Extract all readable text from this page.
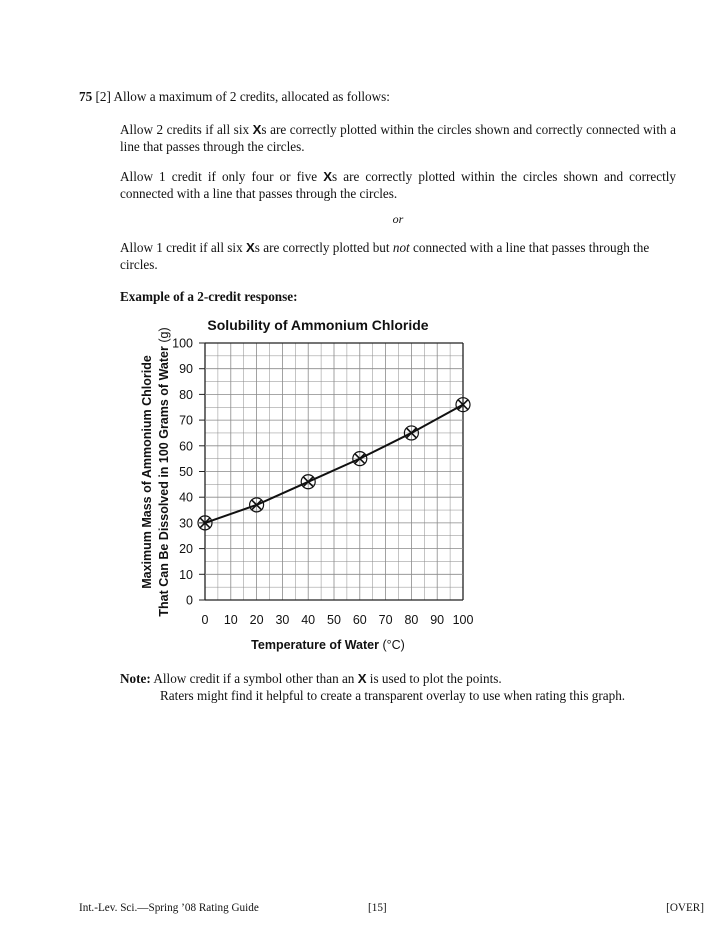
75 [2] Allow a maximum of 2 credits, allocated as follows:
Allow 2 credits if all six Xs are correctly plotted within the circles shown and correctly connected with a line that passes through the circles.
Allow 1 credit if only four or five Xs are correctly plotted within the circles shown and correctly connected with a line that passes through the circles.
or
Allow 1 credit if all six Xs are correctly plotted but not connected with a line that passes through the circles.
Example of a 2-credit response:
0 10 20 30 40 50 60 70 80 90 100
0
10
20
30
40
50
60
70
80
90
100
Solubility of Ammonium Chloride
Temperature of Water (°C)
Maximum Mass of Ammonium Chloride That Can Be Dissolved in 100 Grams of Water (g)
Note: Allow credit if a symbol other than an X is used to plot the points.
Raters might find it helpful to create a transparent overlay to use when rating this graph.
Int.-Lev. Sci.—Spring ’08 Rating Guide	[15]	[OVER]
